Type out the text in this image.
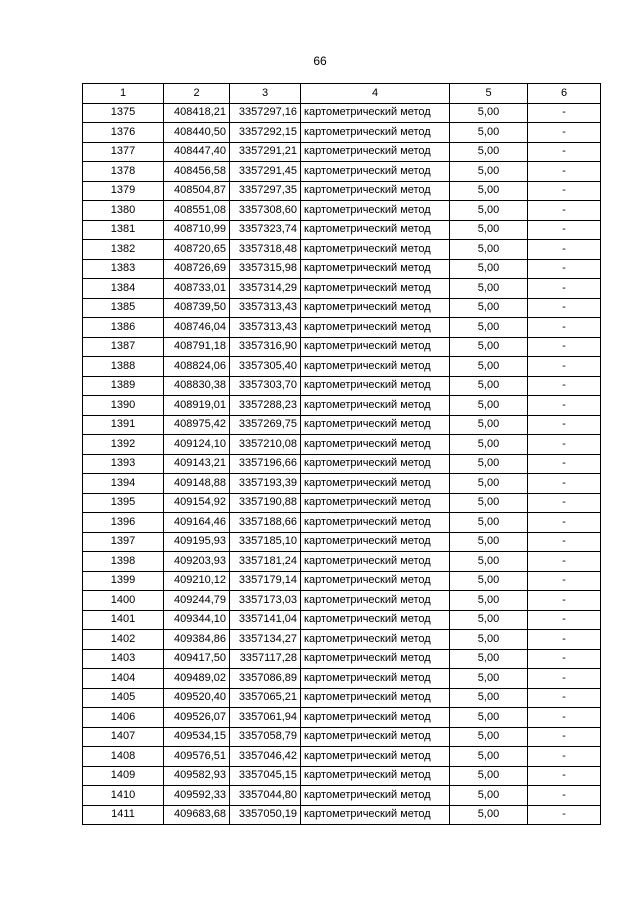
66
1	2	3	4	5	6
1375	408418,21	3357297,16	картометрический метод	5,00	-
1376	408440,50	3357292,15	картометрический метод	5,00	-
1377	408447,40	3357291,21	картометрический метод	5,00	-
1378	408456,58	3357291,45	картометрический метод	5,00	-
1379	408504,87	3357297,35	картометрический метод	5,00	-
1380	408551,08	3357308,60	картометрический метод	5,00	-
1381	408710,99	3357323,74	картометрический метод	5,00	-
1382	408720,65	3357318,48	картометрический метод	5,00	-
1383	408726,69	3357315,98	картометрический метод	5,00	-
1384	408733,01	3357314,29	картометрический метод	5,00	-
1385	408739,50	3357313,43	картометрический метод	5,00	-
1386	408746,04	3357313,43	картометрический метод	5,00	-
1387	408791,18	3357316,90	картометрический метод	5,00	-
1388	408824,06	3357305,40	картометрический метод	5,00	-
1389	408830,38	3357303,70	картометрический метод	5,00	-
1390	408919,01	3357288,23	картометрический метод	5,00	-
1391	408975,42	3357269,75	картометрический метод	5,00	-
1392	409124,10	3357210,08	картометрический метод	5,00	-
1393	409143,21	3357196,66	картометрический метод	5,00	-
1394	409148,88	3357193,39	картометрический метод	5,00	-
1395	409154,92	3357190,88	картометрический метод	5,00	-
1396	409164,46	3357188,66	картометрический метод	5,00	-
1397	409195,93	3357185,10	картометрический метод	5,00	-
1398	409203,93	3357181,24	картометрический метод	5,00	-
1399	409210,12	3357179,14	картометрический метод	5,00	-
1400	409244,79	3357173,03	картометрический метод	5,00	-
1401	409344,10	3357141,04	картометрический метод	5,00	-
1402	409384,86	3357134,27	картометрический метод	5,00	-
1403	409417,50	3357117,28	картометрический метод	5,00	-
1404	409489,02	3357086,89	картометрический метод	5,00	-
1405	409520,40	3357065,21	картометрический метод	5,00	-
1406	409526,07	3357061,94	картометрический метод	5,00	-
1407	409534,15	3357058,79	картометрический метод	5,00	-
1408	409576,51	3357046,42	картометрический метод	5,00	-
1409	409582,93	3357045,15	картометрический метод	5,00	-
1410	409592,33	3357044,80	картометрический метод	5,00	-
1411	409683,68	3357050,19	картометрический метод	5,00	-
